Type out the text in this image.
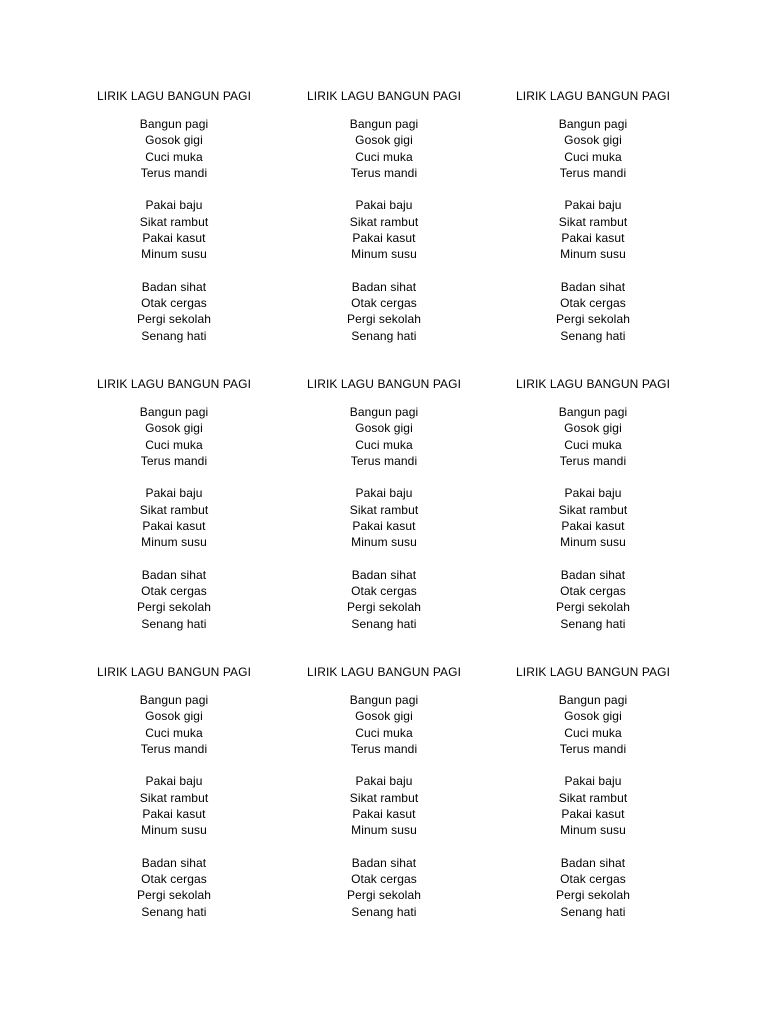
LIRIK LAGU BANGUN PAGI
Bangun pagi
Gosok gigi
Cuci muka
Terus mandi
Pakai baju
Sikat rambut
Pakai kasut
Minum susu
Badan sihat
Otak cergas
Pergi sekolah
Senang hati
LIRIK LAGU BANGUN PAGI
Bangun pagi
Gosok gigi
Cuci muka
Terus mandi
Pakai baju
Sikat rambut
Pakai kasut
Minum susu
Badan sihat
Otak cergas
Pergi sekolah
Senang hati
LIRIK LAGU BANGUN PAGI
Bangun pagi
Gosok gigi
Cuci muka
Terus mandi
Pakai baju
Sikat rambut
Pakai kasut
Minum susu
Badan sihat
Otak cergas
Pergi sekolah
Senang hati
LIRIK LAGU BANGUN PAGI
Bangun pagi
Gosok gigi
Cuci muka
Terus mandi
Pakai baju
Sikat rambut
Pakai kasut
Minum susu
Badan sihat
Otak cergas
Pergi sekolah
Senang hati
LIRIK LAGU BANGUN PAGI
Bangun pagi
Gosok gigi
Cuci muka
Terus mandi
Pakai baju
Sikat rambut
Pakai kasut
Minum susu
Badan sihat
Otak cergas
Pergi sekolah
Senang hati
LIRIK LAGU BANGUN PAGI
Bangun pagi
Gosok gigi
Cuci muka
Terus mandi
Pakai baju
Sikat rambut
Pakai kasut
Minum susu
Badan sihat
Otak cergas
Pergi sekolah
Senang hati
LIRIK LAGU BANGUN PAGI
Bangun pagi
Gosok gigi
Cuci muka
Terus mandi
Pakai baju
Sikat rambut
Pakai kasut
Minum susu
Badan sihat
Otak cergas
Pergi sekolah
Senang hati
LIRIK LAGU BANGUN PAGI
Bangun pagi
Gosok gigi
Cuci muka
Terus mandi
Pakai baju
Sikat rambut
Pakai kasut
Minum susu
Badan sihat
Otak cergas
Pergi sekolah
Senang hati
LIRIK LAGU BANGUN PAGI
Bangun pagi
Gosok gigi
Cuci muka
Terus mandi
Pakai baju
Sikat rambut
Pakai kasut
Minum susu
Badan sihat
Otak cergas
Pergi sekolah
Senang hati
